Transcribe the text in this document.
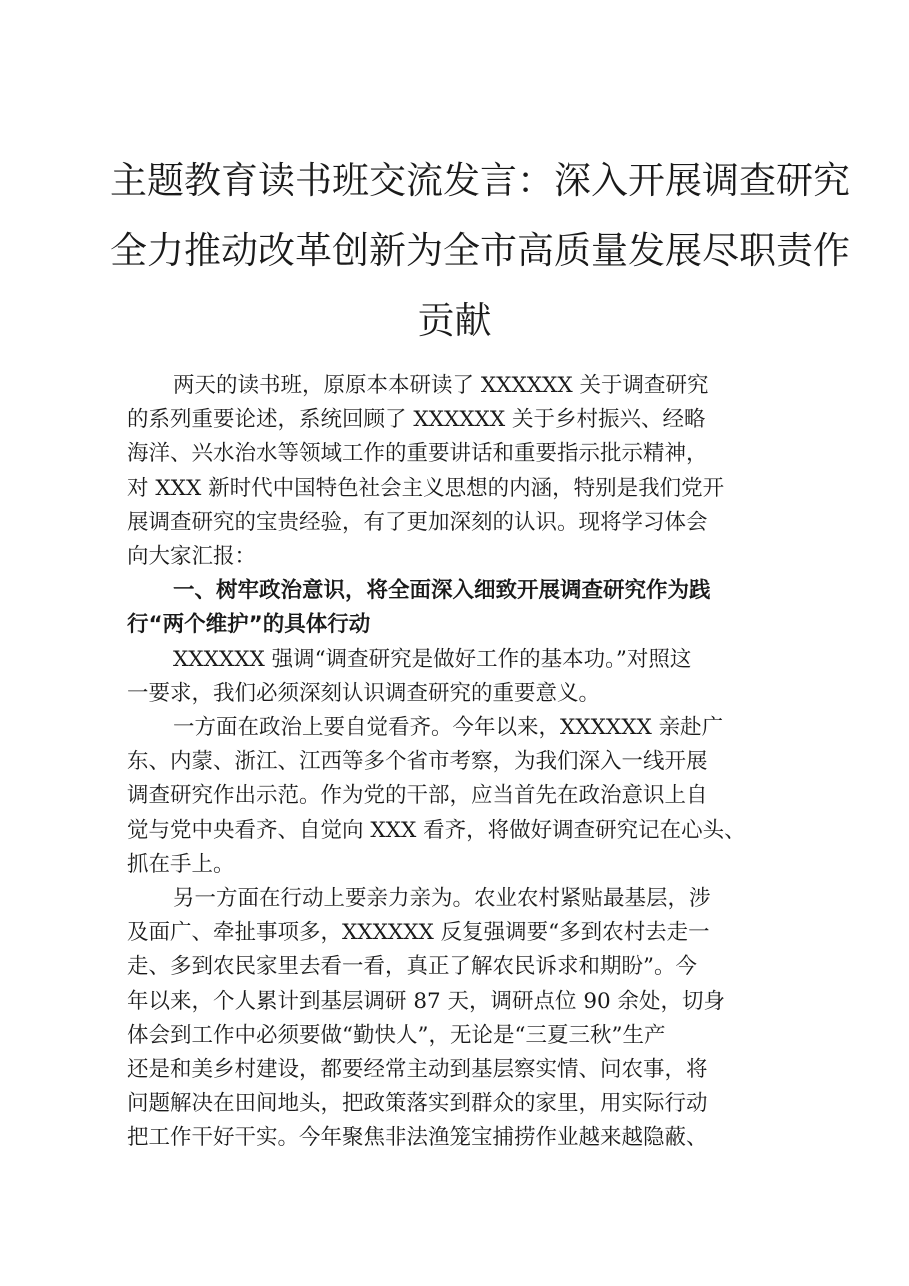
主题教育读书班交流发言：深入开展调查研究
全力推动改革创新为全市高质量发展尽职责作
贡献

两天的读书班，原原本本研读了 XXXXXX 关于调查研究
的系列重要论述，系统回顾了 XXXXXX 关于乡村振兴、经略
海洋、兴水治水等领域工作的重要讲话和重要指示批示精神，
对 XXX 新时代中国特色社会主义思想的内涵，特别是我们党开
展调查研究的宝贵经验，有了更加深刻的认识。现将学习体会
向大家汇报：

一、树牢政治意识，将全面深入细致开展调查研究作为践
行“两个维护”的具体行动

XXXXXX 强调“调查研究是做好工作的基本功。”对照这
一要求，我们必须深刻认识调查研究的重要意义。

一方面在政治上要自觉看齐。今年以来，XXXXXX 亲赴广
东、内蒙、浙江、江西等多个省市考察，为我们深入一线开展
调查研究作出示范。作为党的干部，应当首先在政治意识上自
觉与党中央看齐、自觉向 XXX 看齐，将做好调查研究记在心头、
抓在手上。

另一方面在行动上要亲力亲为。农业农村紧贴最基层，涉
及面广、牵扯事项多，XXXXXX 反复强调要“多到农村去走一
走、多到农民家里去看一看，真正了解农民诉求和期盼”。今
年以来，个人累计到基层调研 87 天，调研点位 90 余处，切身
体会到工作中必须要做“勤快人”，无论是“三夏三秋”生产
还是和美乡村建设，都要经常主动到基层察实情、问农事，将
问题解决在田间地头，把政策落实到群众的家里，用实际行动
把工作干好干实。今年聚焦非法渔笼宝捕捞作业越来越隐蔽、
